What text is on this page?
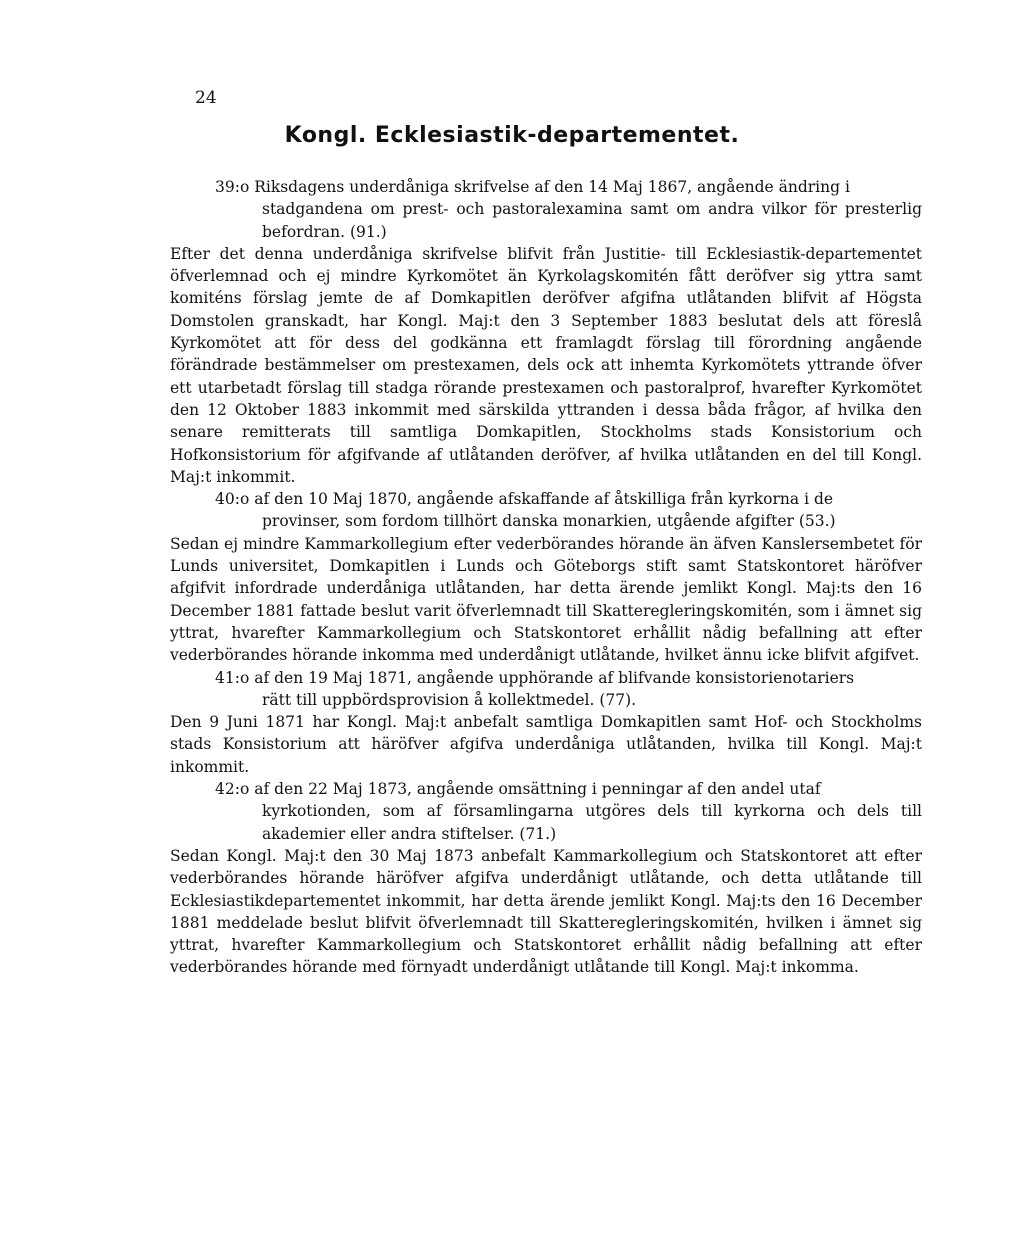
24
Kongl. Ecklesiastik-departementet.

39:o Riksdagens underdåniga skrifvelse af den 14 Maj 1867, angående ändring i
stadgandena om prest- och pastoralexamina samt om andra vilkor för presterlig befordran. (91.)

Efter det denna underdåniga skrifvelse blifvit från Justitie- till Ecklesiastik-departementet öfverlemnad och ej mindre Kyrkomötet än Kyrkolagskomitén fått deröfver sig yttra samt komiténs förslag jemte de af Domkapitlen deröfver afgifna utlåtanden blifvit af Högsta Domstolen granskadt, har Kongl. Maj:t den 3 September 1883 beslutat dels att föreslå Kyrkomötet att för dess del godkänna ett framlagdt förslag till förordning angående förändrade bestämmelser om prestexamen, dels ock att inhemta Kyrkomötets yttrande öfver ett utarbetadt förslag till stadga rörande prestexamen och pastoralprof, hvarefter Kyrkomötet den 12 Oktober 1883 inkommit med särskilda yttranden i dessa båda frågor, af hvilka den senare remitterats till samtliga Domkapitlen, Stockholms stads Konsistorium och Hofkonsistorium för afgifvande af utlåtanden deröfver, af hvilka utlåtanden en del till Kongl. Maj:t inkommit.

40:o af den 10 Maj 1870, angående afskaffande af åtskilliga från kyrkorna i de
provinser, som fordom tillhört danska monarkien, utgående afgifter (53.)

Sedan ej mindre Kammarkollegium efter vederbörandes hörande än äfven Kanslersembetet för Lunds universitet, Domkapitlen i Lunds och Göteborgs stift samt Statskontoret häröfver afgifvit infordrade underdåniga utlåtanden, har detta ärende jemlikt Kongl. Maj:ts den 16 December 1881 fattade beslut varit öfverlemnadt till Skatteregleringskomitén, som i ämnet sig yttrat, hvarefter Kammarkollegium och Statskontoret erhållit nådig befallning att efter vederbörandes hörande inkomma med underdånigt utlåtande, hvilket ännu icke blifvit afgifvet.

41:o af den 19 Maj 1871, angående upphörande af blifvande konsistorienotariers
rätt till uppbördsprovision å kollektmedel. (77).

Den 9 Juni 1871 har Kongl. Maj:t anbefalt samtliga Domkapitlen samt Hof- och Stockholms stads Konsistorium att häröfver afgifva underdåniga utlåtanden, hvilka till Kongl. Maj:t inkommit.

42:o af den 22 Maj 1873, angående omsättning i penningar af den andel utaf
kyrkotionden, som af församlingarna utgöres dels till kyrkorna och dels till akademier eller andra stiftelser. (71.)

Sedan Kongl. Maj:t den 30 Maj 1873 anbefalt Kammarkollegium och Statskontoret att efter vederbörandes hörande häröfver afgifva underdånigt utlåtande, och detta utlåtande till Ecklesiastikdepartementet inkommit, har detta ärende jemlikt Kongl. Maj:ts den 16 December 1881 meddelade beslut blifvit öfverlemnadt till Skatteregleringskomitén, hvilken i ämnet sig yttrat, hvarefter Kammarkollegium och Statskontoret erhållit nådig befallning att efter vederbörandes hörande med förnyadt underdånigt utlåtande till Kongl. Maj:t inkomma.
